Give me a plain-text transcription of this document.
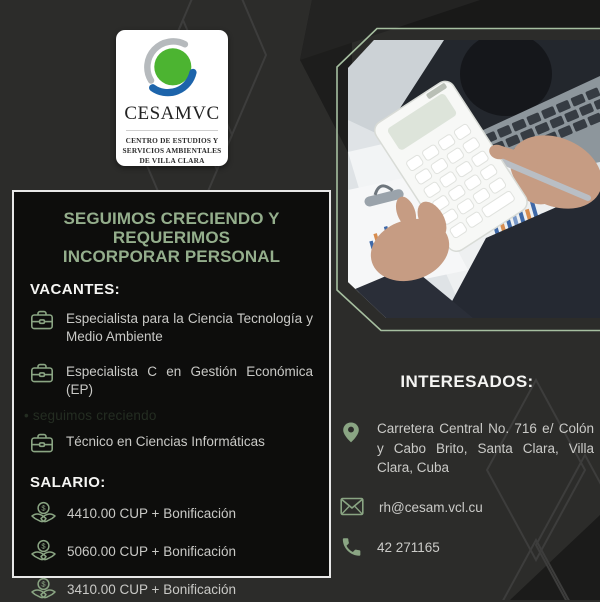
CESAMVC
CENTRO DE ESTUDIOS Y SERVICIOS AMBIENTALES DE VILLA CLARA
SEGUIMOS CRECIENDO Y REQUERIMOS INCORPORAR PERSONAL
VACANTES:
Especialista para la Ciencia Tecnología y Medio Ambiente
Especialista C en Gestión Económica (EP)
• seguimos creciendo
Técnico en Ciencias Informáticas
SALARIO:
$ 4410.00 CUP + Bonificación
$ 5060.00 CUP + Bonificación
$ 3410.00 CUP + Bonificación
INTERESADOS:
Carretera Central No. 716 e/ Colón y Cabo Brito, Santa Clara, Villa Clara, Cuba
rh@cesam.vcl.cu
42 271165
